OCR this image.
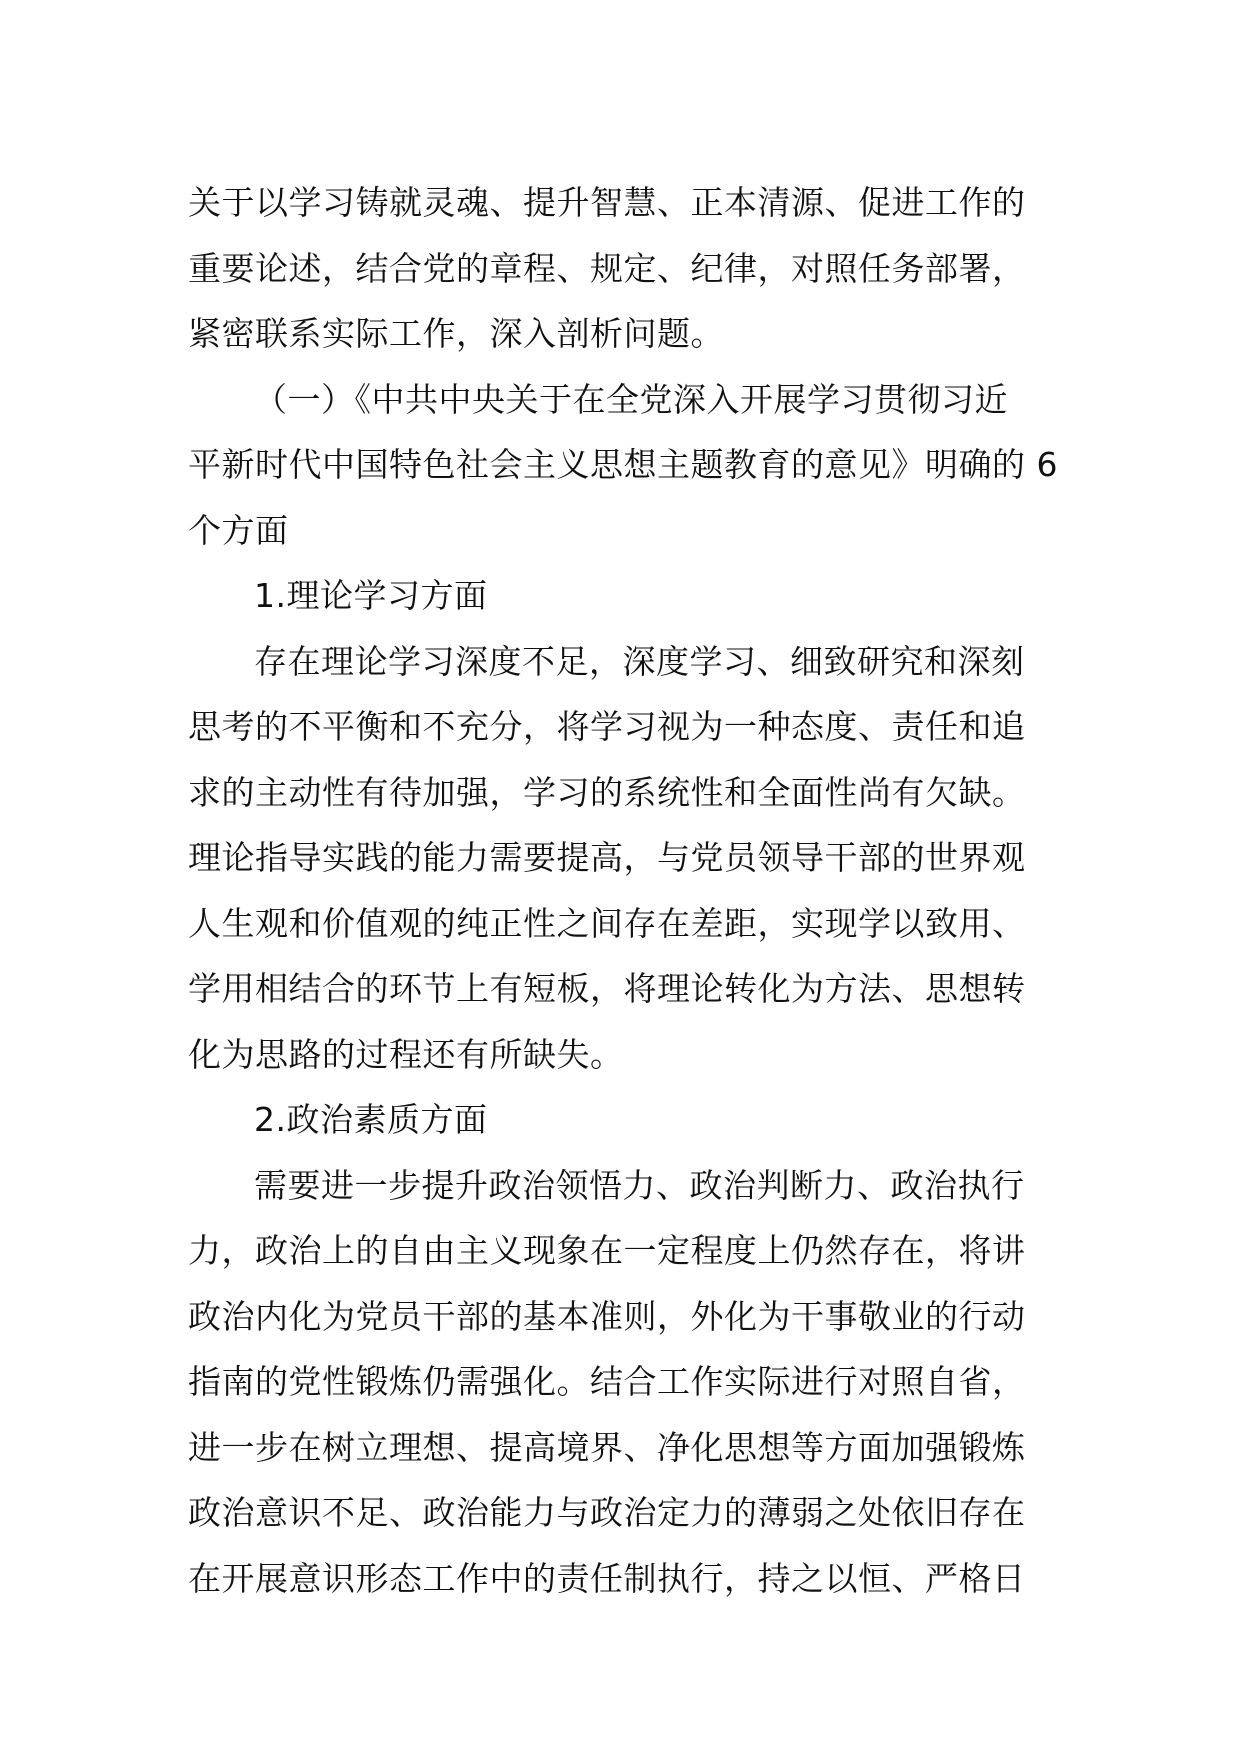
关于以学习铸就灵魂、提升智慧、正本清源、促进工作的
重要论述，结合党的章程、规定、纪律，对照任务部署，
紧密联系实际工作，深入剖析问题。

（一）《中共中央关于在全党深入开展学习贯彻习近
平新时代中国特色社会主义思想主题教育的意见》明确的 6
个方面

1.理论学习方面

存在理论学习深度不足，深度学习、细致研究和深刻
思考的不平衡和不充分，将学习视为一种态度、责任和追
求的主动性有待加强，学习的系统性和全面性尚有欠缺。
理论指导实践的能力需要提高，与党员领导干部的世界观
人生观和价值观的纯正性之间存在差距，实现学以致用、
学用相结合的环节上有短板，将理论转化为方法、思想转
化为思路的过程还有所缺失。

2.政治素质方面

需要进一步提升政治领悟力、政治判断力、政治执行
力，政治上的自由主义现象在一定程度上仍然存在，将讲
政治内化为党员干部的基本准则，外化为干事敬业的行动
指南的党性锻炼仍需强化。结合工作实际进行对照自省，
进一步在树立理想、提高境界、净化思想等方面加强锻炼
政治意识不足、政治能力与政治定力的薄弱之处依旧存在
在开展意识形态工作中的责任制执行，持之以恒、严格日
